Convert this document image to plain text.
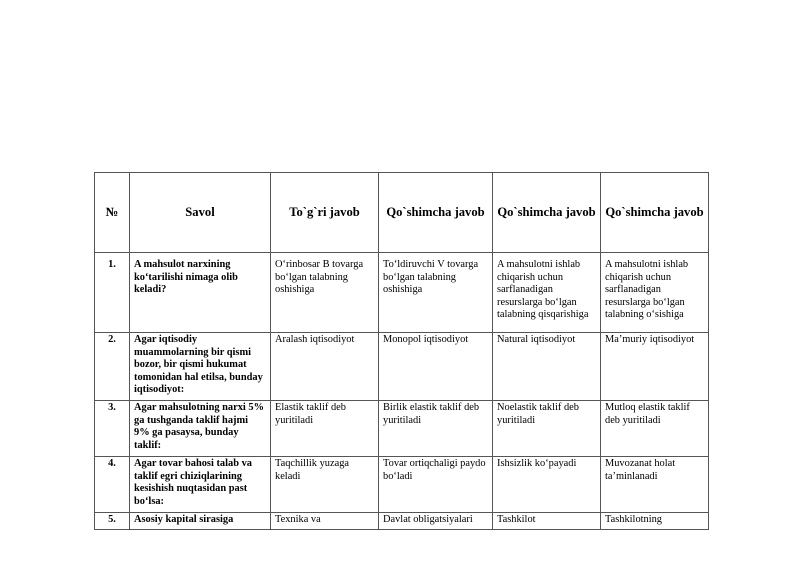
№	Savol	To`g`ri javob	Qo`shimcha javob	Qo`shimcha javob	Qo`shimcha javob
1.	A mahsulot narxining ko‘tarilishi nimaga olib keladi?	O‘rinbosar B tovarga bo‘lgan talabning oshishiga	To‘ldiruvchi V tovarga bo‘lgan talabning oshishiga	A mahsulotni ishlab chiqarish uchun sarflanadigan resurslarga bo‘lgan talabning qisqarishiga	A mahsulotni ishlab chiqarish uchun sarflanadigan resurslarga bo‘lgan talabning o‘sishiga
2.	Agar iqtisodiy muammolarning bir qismi bozor, bir qismi hukumat tomonidan hal etilsa, bunday iqtisodiyot:	Aralash iqtisodiyot	Monopol iqtisodiyot	Natural iqtisodiyot	Ma’muriy iqtisodiyot
3.	Agar mahsulotning narxi 5% ga tushganda taklif hajmi 9% ga pasaysa, bunday taklif:	Elastik taklif deb yuritiladi	Birlik elastik taklif deb yuritiladi	Noelastik taklif deb yuritiladi	Mutloq elastik taklif deb yuritiladi
4.	Agar tovar bahosi talab va taklif egri chiziqlarining kesishish nuqtasidan past bo‘lsa:	Taqchillik yuzaga keladi	Tovar ortiqchaligi paydo bo‘ladi	Ishsizlik ko‘payadi	Muvozanat holat ta’minlanadi
5.	Asosiy kapital sirasiga	Texnika va	Davlat obligatsiyalari	Tashkilot	Tashkilotning
